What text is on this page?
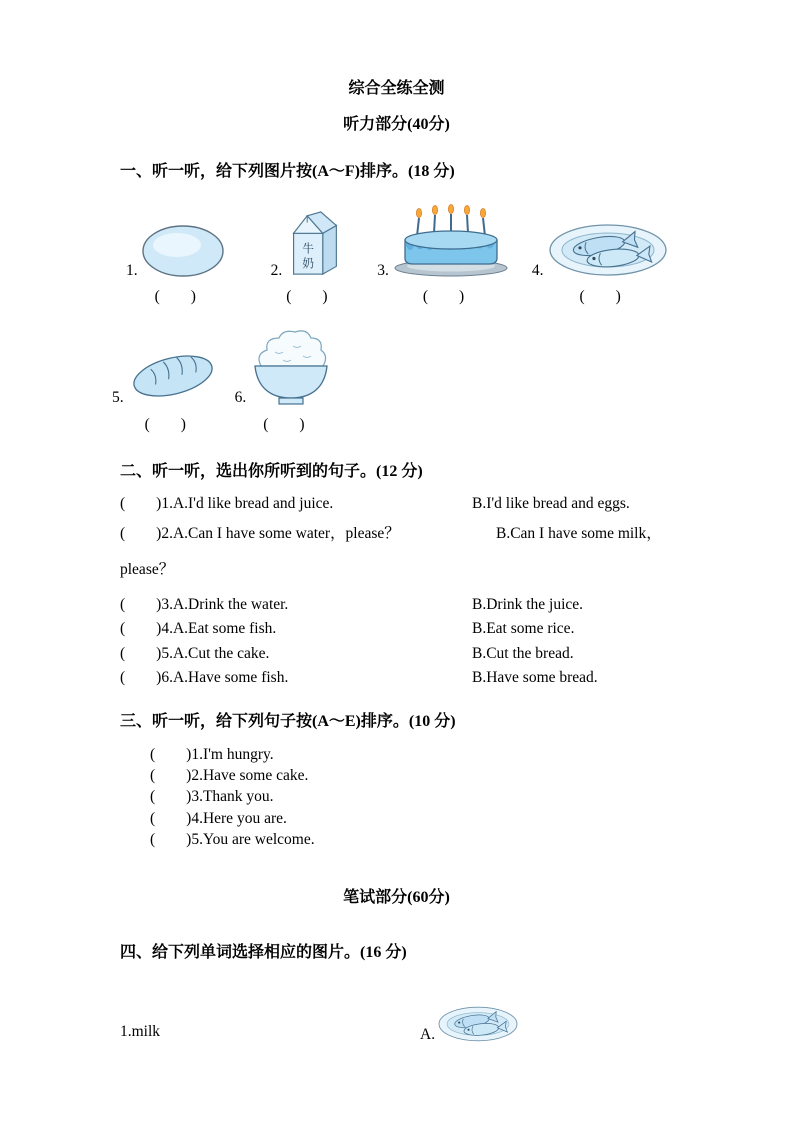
综合全练全测
听力部分(40分)
一、听一听，给下列图片按(A～F)排序。(18 分)
1.
(        )
2.
牛
奶
(        )
3.
(        )
4.
(        )
5.
(        )
6.
(        )
二、听一听，选出你所听到的句子。(12 分)
(        )1.A.I'd like bread and juice.	B.I'd like bread and eggs.
(        )2.A.Can I have some water，please？	B.Can I have some milk，
please？
(        )3.A.Drink the water.	B.Drink the juice.
(        )4.A.Eat some fish.	B.Eat some rice.
(        )5.A.Cut the cake.	B.Cut the bread.
(        )6.A.Have some fish.	B.Have some bread.
三、听一听，给下列句子按(A～E)排序。(10 分)
(        )1.I'm hungry.
(        )2.Have some cake.
(        )3.Thank you.
(        )4.Here you are.
(        )5.You are welcome.
笔试部分(60分)
四、给下列单词选择相应的图片。(16 分)
1.milk	A.
